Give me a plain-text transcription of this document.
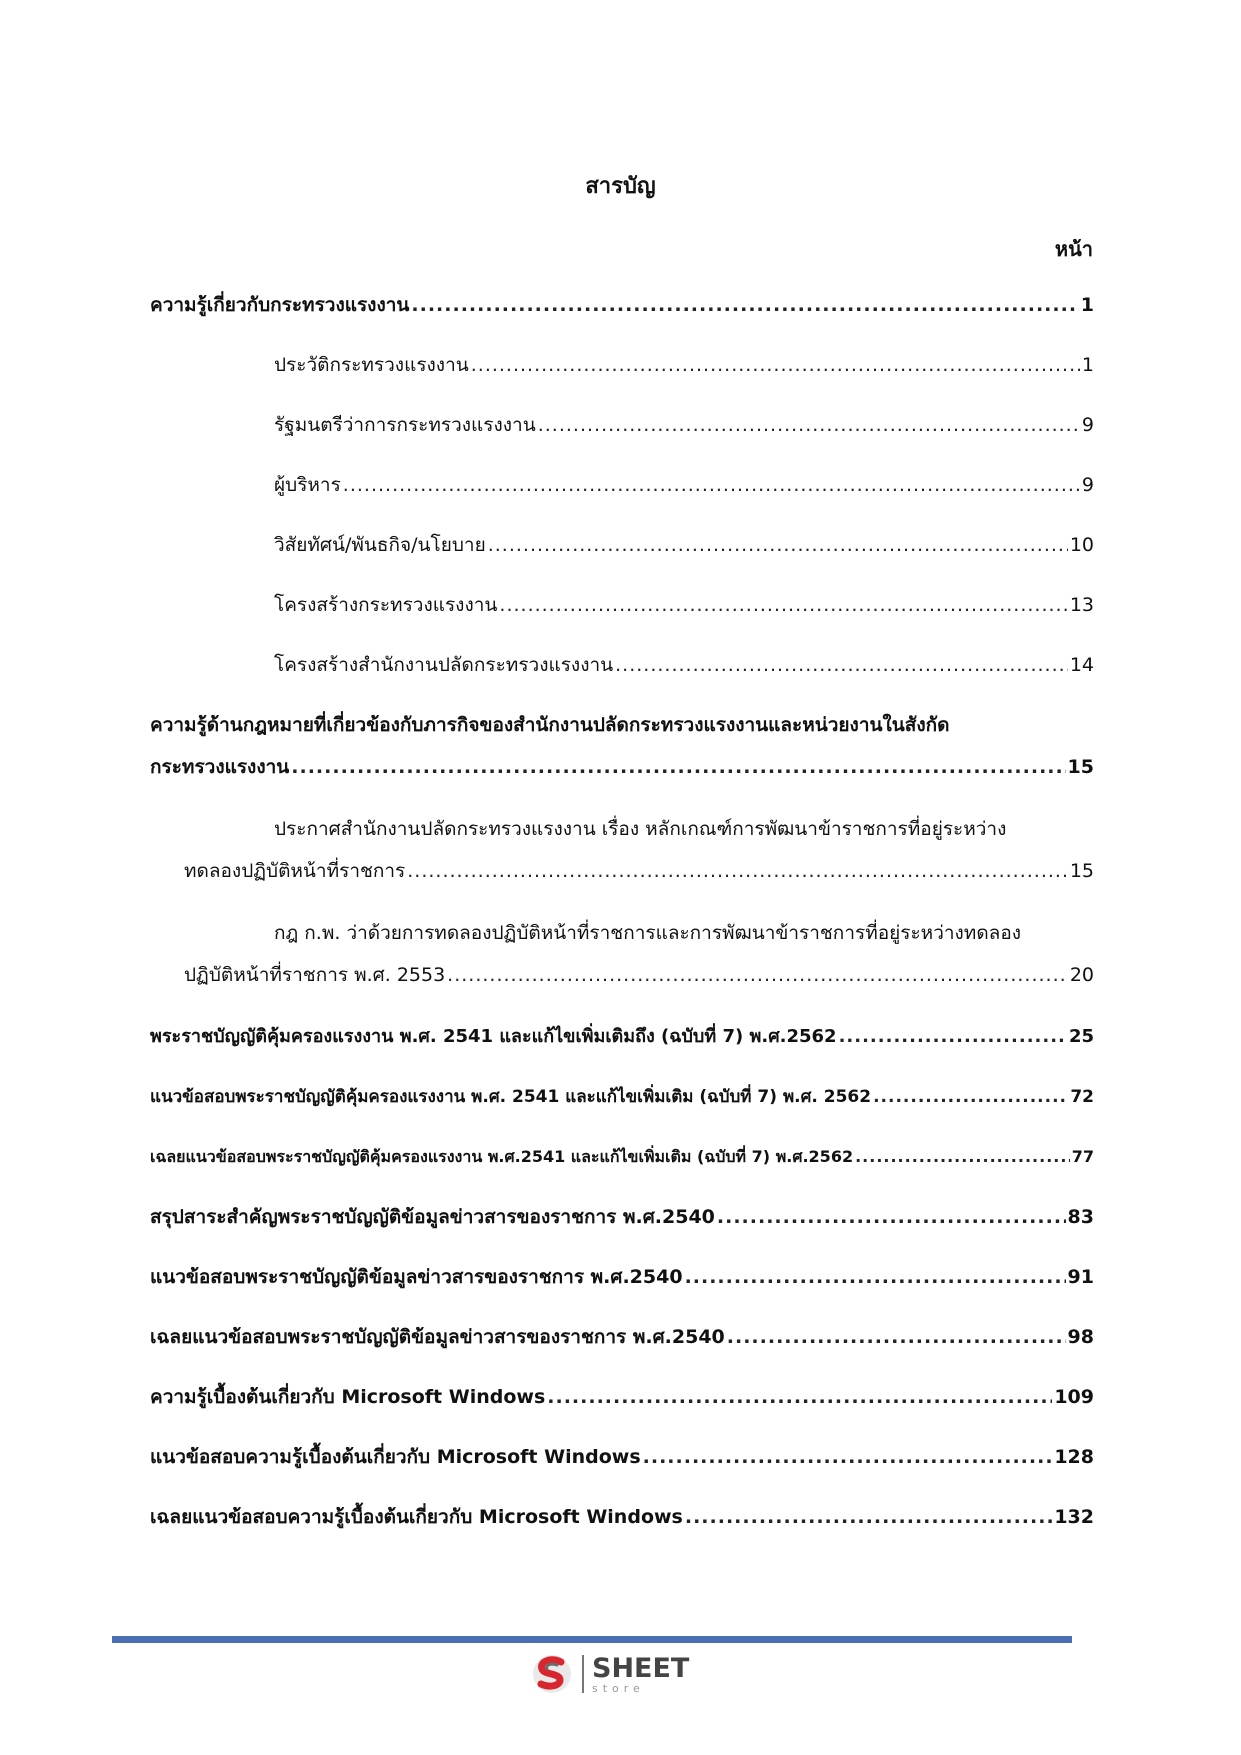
สารบัญ
หน้า
ความรู้เกี่ยวกับกระทรวงแรงงาน .....	1
ประวัติกระทรวงแรงงาน .....	1
รัฐมนตรีว่าการกระทรวงแรงงาน .....	9
ผู้บริหาร .....	9
วิสัยทัศน์/พันธกิจ/นโยบาย .....	10
โครงสร้างกระทรวงแรงงาน .....	13
โครงสร้างสำนักงานปลัดกระทรวงแรงงาน .....	14
ความรู้ด้านกฎหมายที่เกี่ยวข้องกับภารกิจของสำนักงานปลัดกระทรวงแรงงานและหน่วยงานในสังกัด
กระทรวงแรงงาน .....	15
ประกาศสำนักงานปลัดกระทรวงแรงงาน เรื่อง หลักเกณฑ์การพัฒนาข้าราชการที่อยู่ระหว่าง
ทดลองปฏิบัติหน้าที่ราชการ .....	15
กฎ ก.พ. ว่าด้วยการทดลองปฏิบัติหน้าที่ราชการและการพัฒนาข้าราชการที่อยู่ระหว่างทดลอง
ปฏิบัติหน้าที่ราชการ พ.ศ. 2553 .....	20
พระราชบัญญัติคุ้มครองแรงงาน พ.ศ. 2541 และแก้ไขเพิ่มเติมถึง (ฉบับที่ 7) พ.ศ.2562 .....	25
แนวข้อสอบพระราชบัญญัติคุ้มครองแรงงาน พ.ศ. 2541 และแก้ไขเพิ่มเติม (ฉบับที่ 7) พ.ศ. 2562 .....	72
เฉลยแนวข้อสอบพระราชบัญญัติคุ้มครองแรงงาน พ.ศ.2541 และแก้ไขเพิ่มเติม (ฉบับที่ 7) พ.ศ.2562 .....	77
สรุปสาระสำคัญพระราชบัญญัติข้อมูลข่าวสารของราชการ พ.ศ.2540 .....	83
แนวข้อสอบพระราชบัญญัติข้อมูลข่าวสารของราชการ พ.ศ.2540 .....	91
เฉลยแนวข้อสอบพระราชบัญญัติข้อมูลข่าวสารของราชการ พ.ศ.2540 .....	98
ความรู้เบื้องต้นเกี่ยวกับ Microsoft Windows .....	109
แนวข้อสอบความรู้เบื้องต้นเกี่ยวกับ Microsoft Windows .....	128
เฉลยแนวข้อสอบความรู้เบื้องต้นเกี่ยวกับ Microsoft Windows .....	132
SHEET
store
